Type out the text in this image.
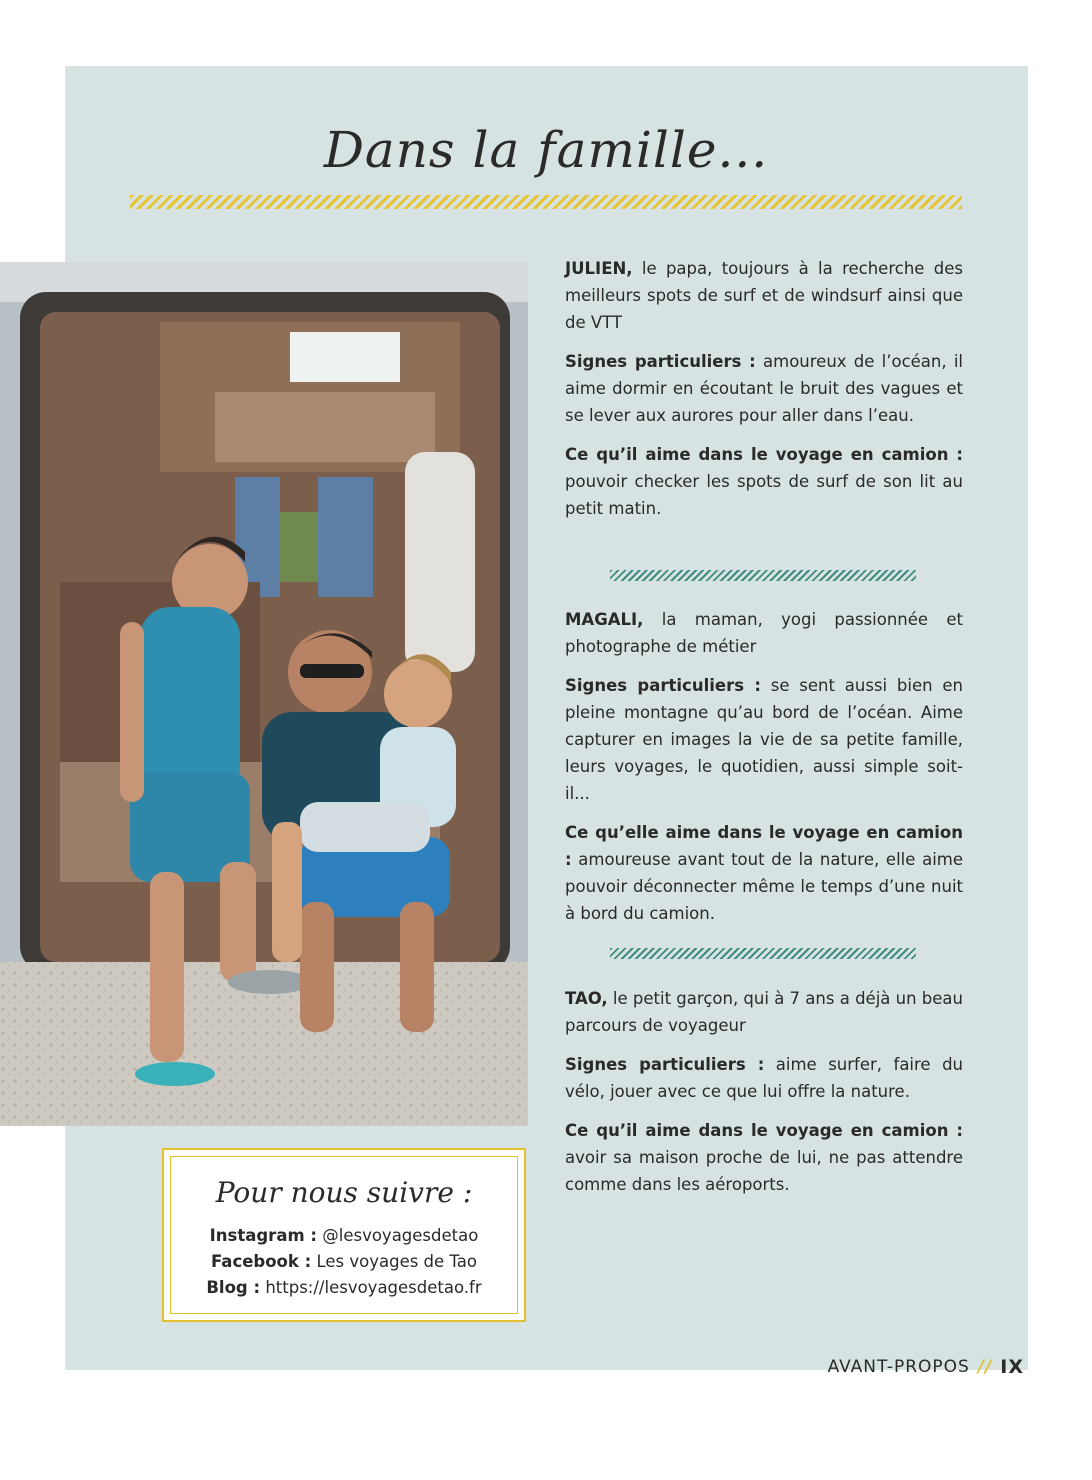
Dans la famille...

JULIEN, le papa, toujours à la recherche des meilleurs spots de surf et de windsurf ainsi que de VTT

Signes particuliers : amoureux de l’océan, il aime dormir en écoutant le bruit des vagues et se lever aux aurores pour aller dans l’eau.

Ce qu’il aime dans le voyage en camion : pouvoir checker les spots de surf de son lit au petit matin.

MAGALI, la maman, yogi passionnée et photographe de métier

Signes particuliers : se sent aussi bien en pleine montagne qu’au bord de l’océan. Aime capturer en images la vie de sa petite famille, leurs voyages, le quotidien, aussi simple soit-il...

Ce qu’elle aime dans le voyage en camion : amoureuse avant tout de la nature, elle aime pouvoir déconnecter même le temps d’une nuit à bord du camion.

TAO, le petit garçon, qui à 7 ans a déjà un beau parcours de voyageur

Signes particuliers : aime surfer, faire du vélo, jouer avec ce que lui offre la nature.

Ce qu’il aime dans le voyage en camion : avoir sa maison proche de lui, ne pas attendre comme dans les aéroports.

Pour nous suivre :
Instagram : @lesvoyagesdetao
Facebook : Les voyages de Tao
Blog : https://lesvoyagesdetao.fr
AVANT-PROPOS // IX
